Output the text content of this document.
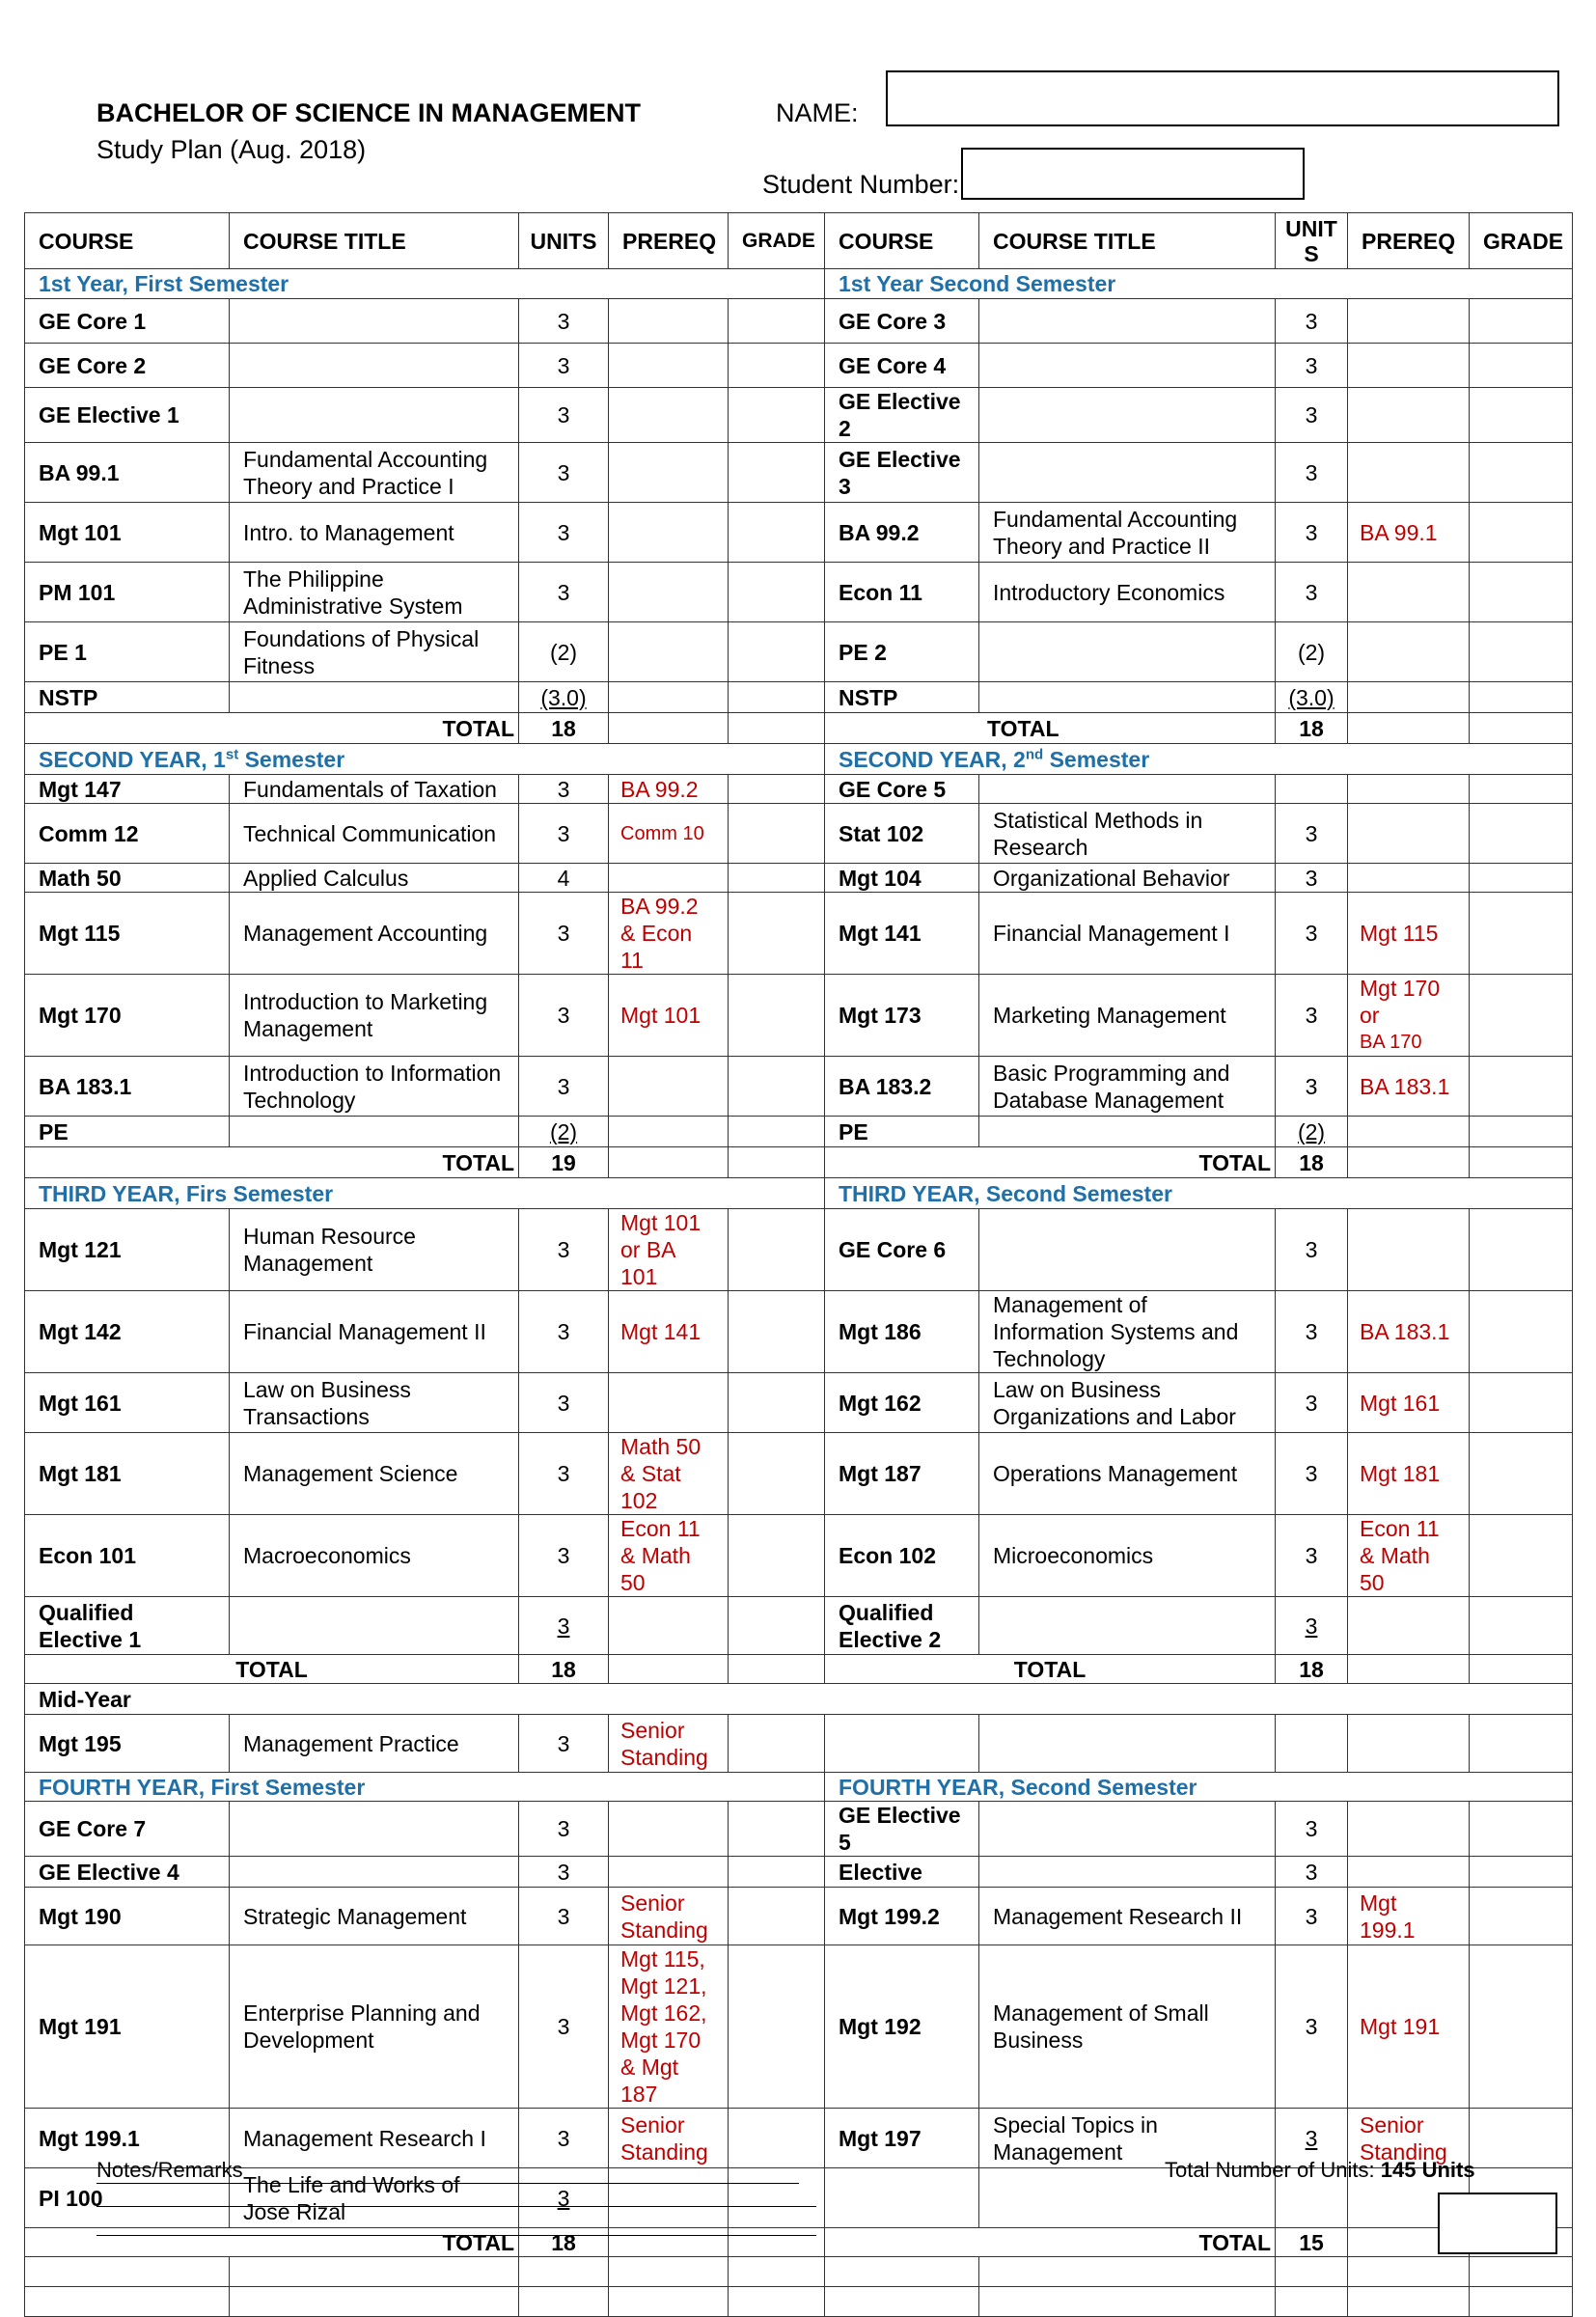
BACHELOR OF SCIENCE IN MANAGEMENT
Study Plan (Aug. 2018)
NAME:
Student Number:
COURSE	COURSE TITLE	UNITS	PREREQ	GRADE	COURSE	COURSE TITLE	UNIT S	PREREQ	GRADE
1st Year, First Semester					1st Year Second Semester				
GE Core 1		3			GE Core 3		3		
GE Core 2		3			GE Core 4		3		
GE Elective 1		3			GE Elective 2		3		
BA 99.1	Fundamental Accounting Theory and Practice I	3			GE Elective 3		3		
Mgt 101	Intro. to Management	3			BA 99.2	Fundamental Accounting Theory and Practice II	3	BA 99.1	
PM 101	The Philippine Administrative System	3			Econ 11	Introductory Economics	3		
PE 1	Foundations of Physical Fitness	(2)			PE 2		(2)		
NSTP		(3.0)			NSTP		(3.0)		
TOTAL		18			TOTAL		18		
SECOND YEAR, 1st Semester					SECOND YEAR, 2nd Semester				
Mgt 147	Fundamentals of Taxation	3	BA 99.2		GE Core 5				
Comm 12	Technical Communication	3	Comm 10		Stat 102	Statistical Methods in Research	3		
Math 50	Applied Calculus	4			Mgt 104	Organizational Behavior	3		
Mgt 115	Management Accounting	3	BA 99.2 & Econ 11		Mgt 141	Financial Management I	3	Mgt 115	
Mgt 170	Introduction to Marketing Management	3	Mgt 101		Mgt 173	Marketing Management	3	Mgt 170 or
BA 170	

BA 183.1	Introduction to Information Technology	3			BA 183.2	Basic Programming and Database Management	3	BA 183.1	
PE		(2)			PE		(2)		
TOTAL		19			TOTAL		18		
THIRD YEAR, Firs Semester					THIRD YEAR, Second Semester				
Mgt 121	Human Resource Management	3	Mgt 101 or BA 101		GE Core 6		3		
Mgt 142	Financial Management II	3	Mgt 141		Mgt 186	Management of Information Systems and Technology	3	BA 183.1	
Mgt 161	Law on Business Transactions	3			Mgt 162	Law on Business Organizations and Labor	3	Mgt 161	
Mgt 181	Management Science	3	Math 50 & Stat 102		Mgt 187	Operations Management	3	Mgt 181	
Econ 101	Macroeconomics	3	Econ 11 & Math 50		Econ 102	Microeconomics	3	Econ 11 & Math 50	
Qualified Elective 1		3			Qualified Elective 2		3		
TOTAL		18			TOTAL		18		
Mid-Year									
Mgt 195	Management Practice	3	Senior Standing						
FOURTH YEAR, First Semester					FOURTH YEAR, Second Semester				
GE Core 7		3			GE Elective 5		3		
GE Elective 4		3			Elective		3		
Mgt 190	Strategic Management	3	Senior Standing		Mgt 199.2	Management Research II	3	Mgt 199.1	
Mgt 191	Enterprise Planning and Development	3	Mgt 115, Mgt 121, Mgt 162, Mgt 170 & Mgt 187		Mgt 192	Management of Small Business	3	Mgt 191	
Mgt 199.1	Management Research I	3	Senior Standing		Mgt 197	Special Topics in Management	3	Senior Standing	
PI 100	The Life and Works of Jose Rizal	3							
TOTAL		18			TOTAL		15		

Notes/Remarks	Total Number of Units: 145 Units
